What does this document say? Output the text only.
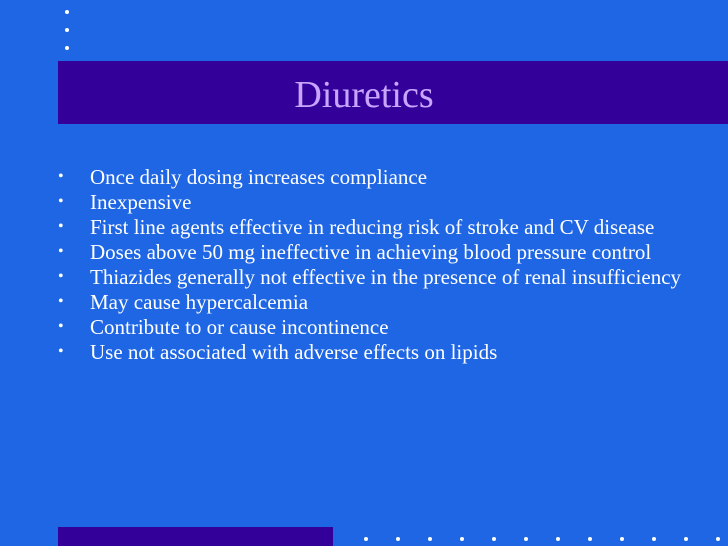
Diuretics
•	Once daily dosing increases compliance
•	Inexpensive
•	First line agents effective in reducing risk of stroke and CV disease
•	Doses above 50 mg ineffective in achieving blood pressure control
•	Thiazides generally not effective in the presence of renal insufficiency
•	May cause hypercalcemia
•	Contribute to or cause incontinence
•	Use not associated with adverse effects on lipids
